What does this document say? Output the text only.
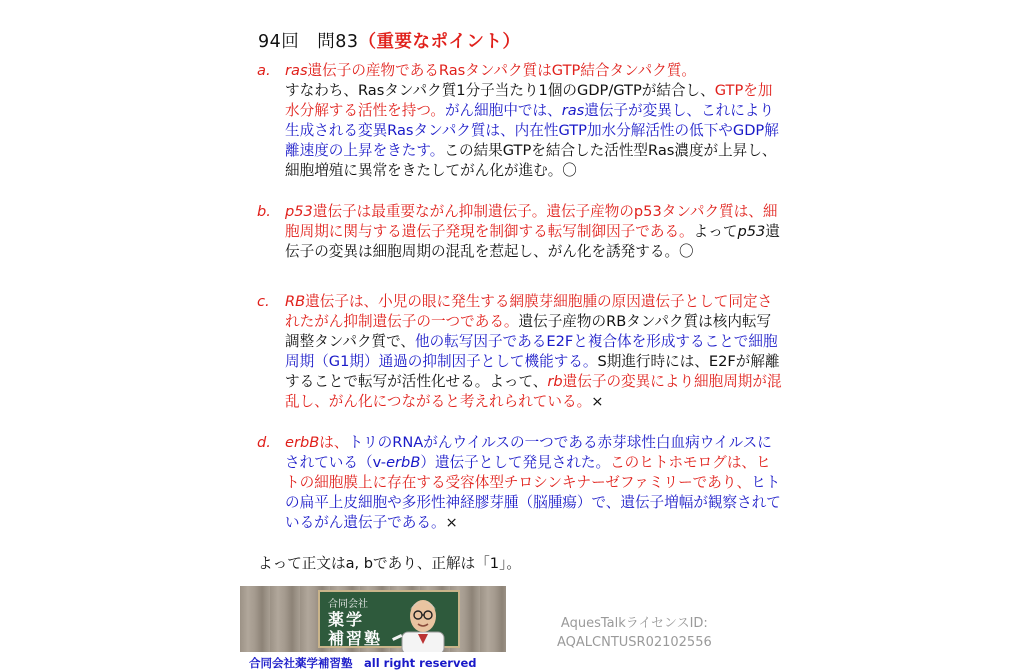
94回　問83（重要なポイント）
a. ras遺伝子の産物であるRasタンパク質はGTP結合タンパク質。
すなわち、Rasタンパク質1分子当たり1個のGDP/GTPが結合し、GTPを加水分解する活性を持つ。がん細胞中では、ras遺伝子が変異し、これにより生成される変異Rasタンパク質は、内在性GTP加水分解活性の低下やGDP解離速度の上昇をきたす。この結果GTPを結合した活性型Ras濃度が上昇し、細胞増殖に異常をきたしてがん化が進む。〇
b. p53遺伝子は最重要ながん抑制遺伝子。遺伝子産物のp53タンパク質は、細胞周期に関与する遺伝子発現を制御する転写制御因子である。よってp53遺伝子の変異は細胞周期の混乱を惹起し、がん化を誘発する。〇
c. RB遺伝子は、小児の眼に発生する網膜芽細胞腫の原因遺伝子として同定されたがん抑制遺伝子の一つである。遺伝子産物のRBタンパク質は核内転写調整タンパク質で、他の転写因子であるE2Fと複合体を形成することで細胞周期（G1期）通過の抑制因子として機能する。S期進行時には、E2Fが解離することで転写が活性化せる。よって、rb遺伝子の変異により細胞周期が混乱し、がん化につながると考えれられている。×
d. erbBは、トリのRNAがんウイルスの一つである赤芽球性白血病ウイルスにされている（v-erbB）遺伝子として発見された。このヒトホモログは、ヒトの細胞膜上に存在する受容体型チロシンキナーゼファミリーであり、ヒトの扁平上皮細胞や多形性神経膠芽腫（脳腫瘍）で、遺伝子増幅が観察されているがん遺伝子である。×
よって正文はa, bであり、正解は「1」。
合同会社
薬学
補習塾
合同会社薬学補習塾　all right reserved
AquesTalkライセンスID:
AQALCNTUSR02102556
